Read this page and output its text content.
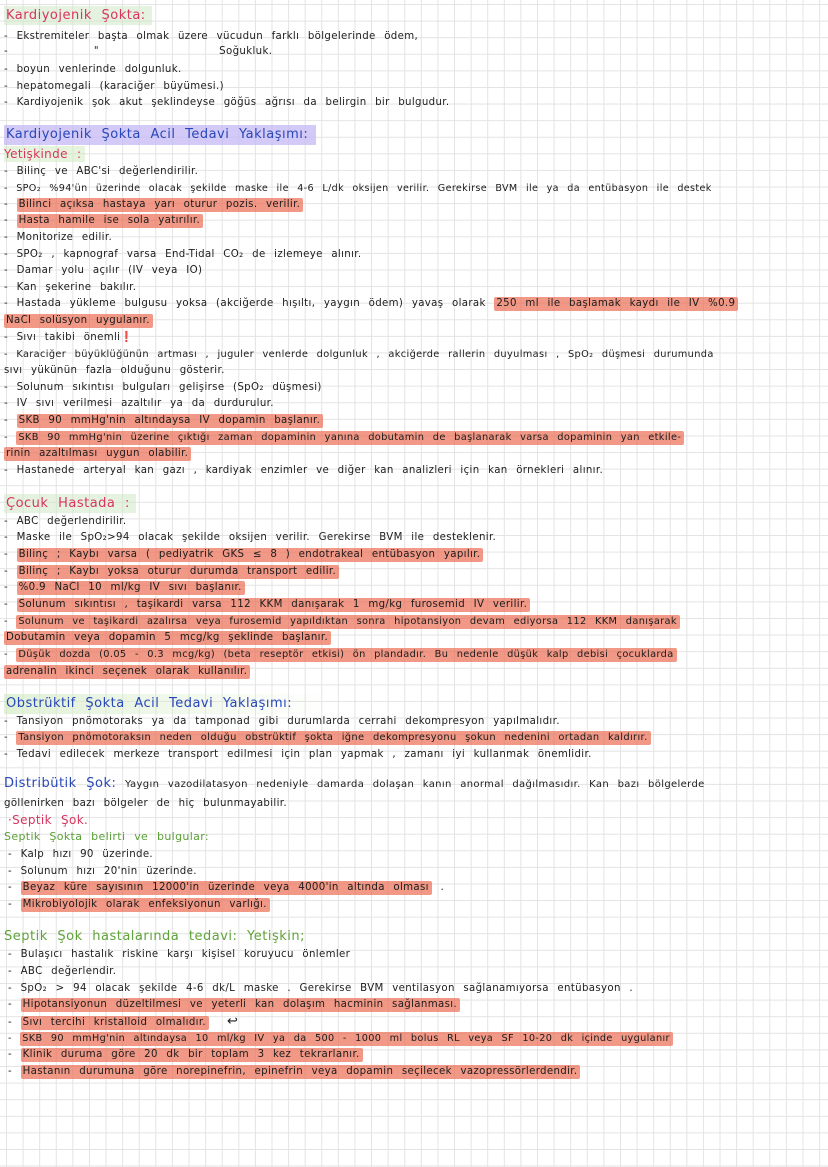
Kardiyojenik Şokta:
- Ekstremiteler başta olmak üzere vücudun farklı bölgelerinde ödem,
-          "              Soğukluk.
- boyun venlerinde dolgunluk.
- hepatomegali (karaciğer büyümesi.)
- Kardiyojenik şok akut şeklindeyse göğüs ağrısı da belirgin bir bulgudur.
Kardiyojenik Şokta Acil Tedavi Yaklaşımı:
Yetişkinde :
- Bilinç ve ABC'si değerlendirilir.
- SPO₂ %94'ün üzerinde olacak şekilde maske ile 4-6 L/dk oksijen verilir. Gerekirse BVM ile ya da entübasyon ile destek
- Bilinci açıksa hastaya yarı oturur pozis. verilir.
- Hasta hamile ise sola yatırılır.
- Monitorize edilir.
- SPO₂ , kapnograf varsa End-Tidal CO₂ de izlemeye alınır.
- Damar yolu açılır (IV veya IO)
- Kan şekerine bakılır.
- Hastada yükleme bulgusu yoksa (akciğerde hışıltı, yaygın ödem) yavaş olarak 250 ml ile başlamak kaydı ile IV %0.9
NaCl solüsyon uygulanır.
- Sıvı takibi önemli❗
- Karaciğer büyüklüğünün artması , juguler venlerde dolgunluk , akciğerde rallerin duyulması , SpO₂ düşmesi durumunda
sıvı yükünün fazla olduğunu gösterir.
- Solunum sıkıntısı bulguları gelişirse (SpO₂ düşmesi)
- IV sıvı verilmesi azaltılır ya da durdurulur.
- SKB 90 mmHg'nin altındaysa IV dopamin başlanır.
- SKB 90 mmHg'nin üzerine çıktığı zaman dopaminin yanına dobutamin de başlanarak varsa dopaminin yan etkile-
rinin azaltılması uygun olabilir.
- Hastanede arteryal kan gazı , kardiyak enzimler ve diğer kan analizleri için kan örnekleri alınır.
Çocuk Hastada :
- ABC değerlendirilir.
- Maske ile SpO₂>94 olacak şekilde oksijen verilir. Gerekirse BVM ile desteklenir.
- Bilinç ; Kaybı varsa ( pediyatrik GKS ≤ 8 ) endotrakeal entübasyon yapılır.
- Bilinç ; Kaybı yoksa oturur durumda transport edilir.
- %0.9 NaCl 10 ml/kg IV sıvı başlanır.
- Solunum sıkıntısı , taşikardi varsa 112 KKM danışarak 1 mg/kg furosemid IV verilir.
- Solunum ve taşikardi azalırsa veya furosemid yapıldıktan sonra hipotansiyon devam ediyorsa 112 KKM danışarak
Dobutamin veya dopamin 5 mcg/kg şeklinde başlanır.
- Düşük dozda (0.05 - 0.3 mcg/kg) (beta reseptör etkisi) ön plandadır. Bu nedenle düşük kalp debisi çocuklarda
adrenalin ikinci seçenek olarak kullanılır.
Obstrüktif Şokta Acil Tedavi Yaklaşımı:
- Tansiyon pnömotoraks ya da tamponad gibi durumlarda cerrahi dekompresyon yapılmalıdır.
- Tansiyon pnömotoraksın neden olduğu obstrüktif şokta iğne dekompresyonu şokun nedenini ortadan kaldırır.
- Tedavi edilecek merkeze transport edilmesi için plan yapmak , zamanı iyi kullanmak önemlidir.
Distribütik Şok: Yaygın vazodilatasyon nedeniyle damarda dolaşan kanın anormal dağılmasıdır. Kan bazı bölgelerde
göllenirken bazı bölgeler de hiç bulunmayabilir.
·Septik Şok.
Septik Şokta belirti ve bulgular:
- Kalp hızı 90 üzerinde.
- Solunum hızı 20'nin üzerinde.
- Beyaz küre sayısının 12000'in üzerinde veya 4000'in altında olması .
- Mikrobiyolojik olarak enfeksiyonun varlığı.
Septik Şok hastalarında tedavi: Yetişkin;
- Bulaşıcı hastalık riskine karşı kişisel koruyucu önlemler
- ABC değerlendir.
- SpO₂ > 94 olacak şekilde 4-6 dk/L maske . Gerekirse BVM ventilasyon sağlanamıyorsa entübasyon .
- Hipotansiyonun düzeltilmesi ve yeterli kan dolaşım hacminin sağlanması.
- Sıvı tercihi kristalloid olmalıdır. ↩
- SKB 90 mmHg'nin altındaysa 10 ml/kg IV ya da 500 - 1000 ml bolus RL veya SF 10-20 dk içinde uygulanır
- Klinik duruma göre 20 dk bir toplam 3 kez tekrarlanır.
- Hastanın durumuna göre norepinefrin, epinefrin veya dopamin seçilecek vazopressörlerdendir.
